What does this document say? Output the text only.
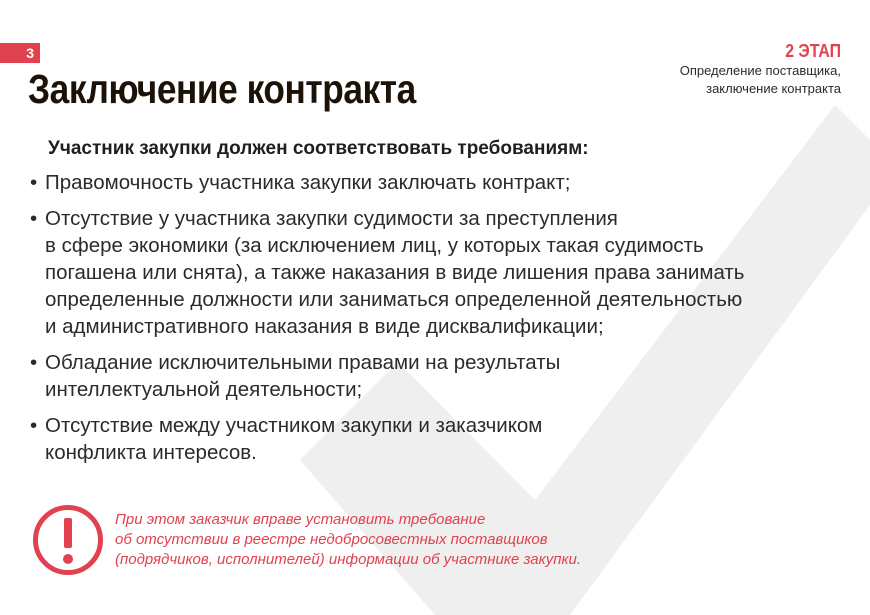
3
Заключение контракта
2 ЭТАП
Определение поставщика,
заключение контракта
Участник закупки должен соответствовать требованиям:
• Правомочность участника закупки заключать контракт;
• Отсутствие у участника закупки судимости за преступления
в сфере экономики (за исключением лиц, у которых такая судимость
погашена или снята), а также наказания в виде лишения права занимать
определенные должности или заниматься определенной деятельностью
и административного наказания в виде дисквалификации;
• Обладание исключительными правами на результаты
интеллектуальной деятельности;
• Отсутствие между участником закупки и заказчиком
конфликта интересов.
При этом заказчик вправе установить требование
об отсутствии в реестре недобросовестных поставщиков
(подрядчиков, исполнителей) информации об участнике закупки.
